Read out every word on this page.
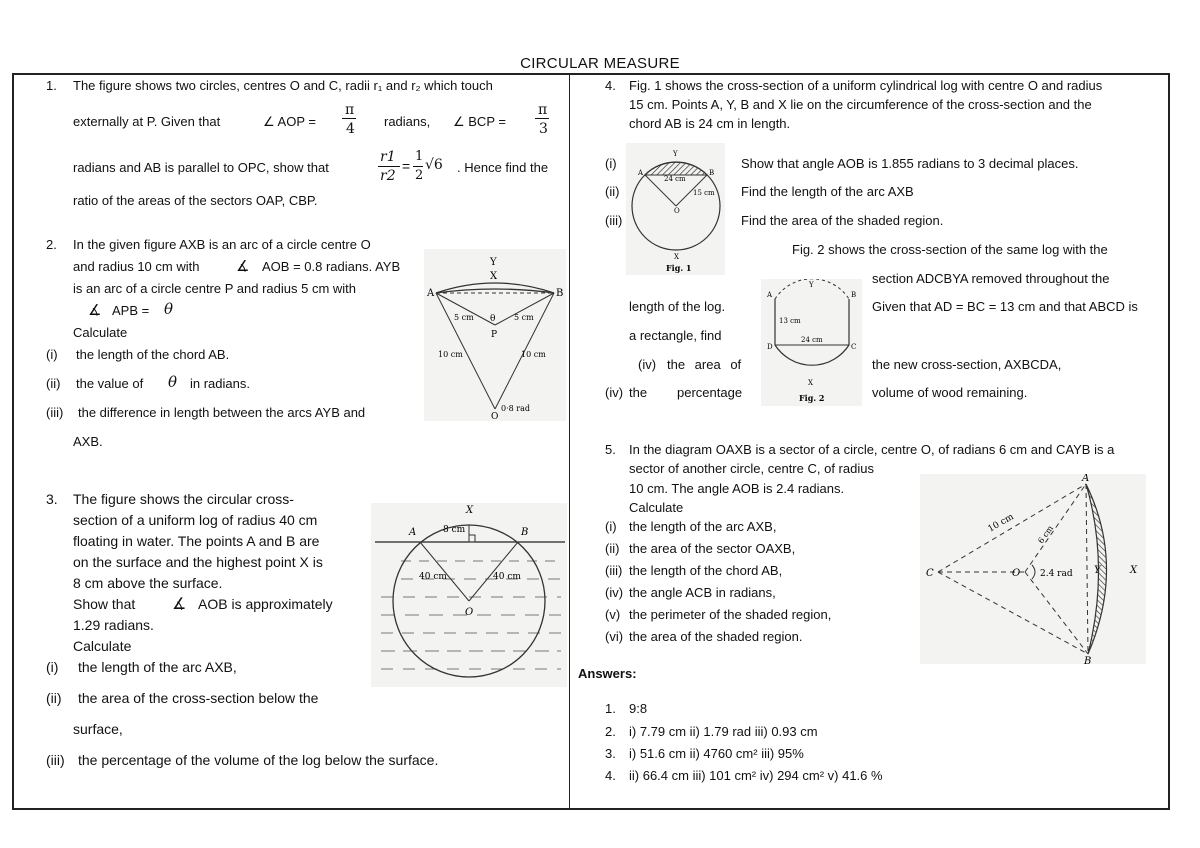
CIRCULAR MEASURE
1. The figure shows two circles, centres O and C, radii r₁ and r₂ which touch
externally at P. Given that	∠ AOP =
π
4 radians, ∠ BCP =
π
3
radians and AB is parallel to OPC, show that
r1
r2
=
1
2
√6 . Hence find the
ratio of the areas of the sectors OAP, CBP.
2. In the given figure AXB is an arc of a circle centre O
and radius 10 cm with ∡ AOB = 0.8 radians. AYB
is an arc of a circle centre P and radius 5 cm with
∡ APB = θ
Calculate
(i) the length of the chord AB.
(ii) the value of θ in radians.
(iii) the difference in length between the arcs AYB and
AXB.
A	B
X
Y
P
O
5 cm	5 cm
10 cm	10 cm
0·8 rad
θ
3. The figure shows the circular cross-
section of a uniform log of radius 40 cm
floating in water. The points A and B are
on the surface and the highest point X is
8 cm above the surface.
Show that ∡ AOB is approximately
1.29 radians.
Calculate
(i) the length of the arc AXB,
(ii) the area of the cross-section below the
surface,
(iii) the percentage of the volume of the log below the surface.
A	B
X
O
8 cm
40 cm	40 cm
4. Fig. 1 shows the cross-section of a uniform cylindrical log with centre O and radius
15 cm. Points A, Y, B and X lie on the circumference of the cross-section and the
chord AB is 24 cm in length.
(i)	Show that angle AOB is 1.855 radians to 3 decimal places.
(ii)	Find the length of the arc AXB
(iii)	Find the area of the shaded region.
Fig. 2 shows the cross-section of the same log with the
section ADCBYA removed throughout the
length of the log.	Given that AD = BC = 13 cm and that ABCD is
a rectangle, find
(iv) the area of	the new cross-section, AXBCDA,
(iv) the percentage	volume of wood remaining.
Y
A	B
O
X
24 cm
15 cm
Fig. 1
Y
A	B
D	C
X
13 cm
24 cm
Fig. 2
5. In the diagram OAXB is a sector of a circle, centre O, of radians 6 cm and CAYB is a
sector of another circle, centre C, of radius
10 cm. The angle AOB is 2.4 radians.
Calculate
(i) the length of the arc AXB,
(ii) the area of the sector OAXB,
(iii) the length of the chord AB,
(iv) the angle ACB in radians,
(v) the perimeter of the shaded region,
(vi) the area of the shaded region.
A
B
C	O	Y	X
10 cm	6 cm
2.4 rad
Answers:
1. 9:8
2. i) 7.79 cm ii) 1.79 rad iii) 0.93 cm
3. i) 51.6 cm ii) 4760 cm² iii) 95%
4. ii) 66.4 cm iii) 101 cm² iv) 294 cm² v) 41.6 %
